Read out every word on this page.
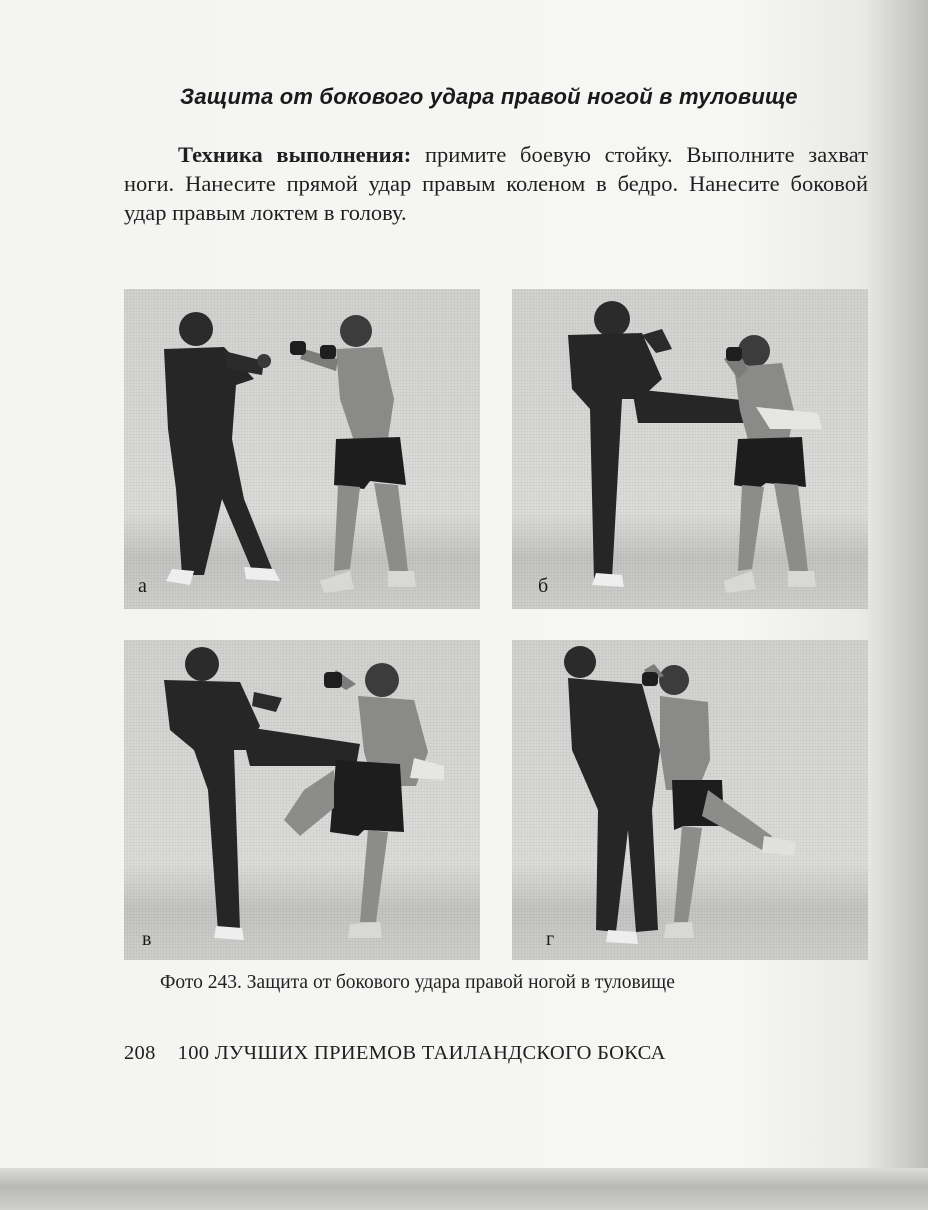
Защита от бокового удара правой ногой в туловище
Техника выполнения: примите боевую стойку. Выполните захват ноги. Нанесите прямой удар правым коленом в бедро. Нанесите боковой удар правым локтем в голову.
а	б
в	г
Фото 243. Защита от бокового удара правой ногой в туловище
208 100 ЛУЧШИХ ПРИЕМОВ ТАИЛАНДСКОГО БОКСА
